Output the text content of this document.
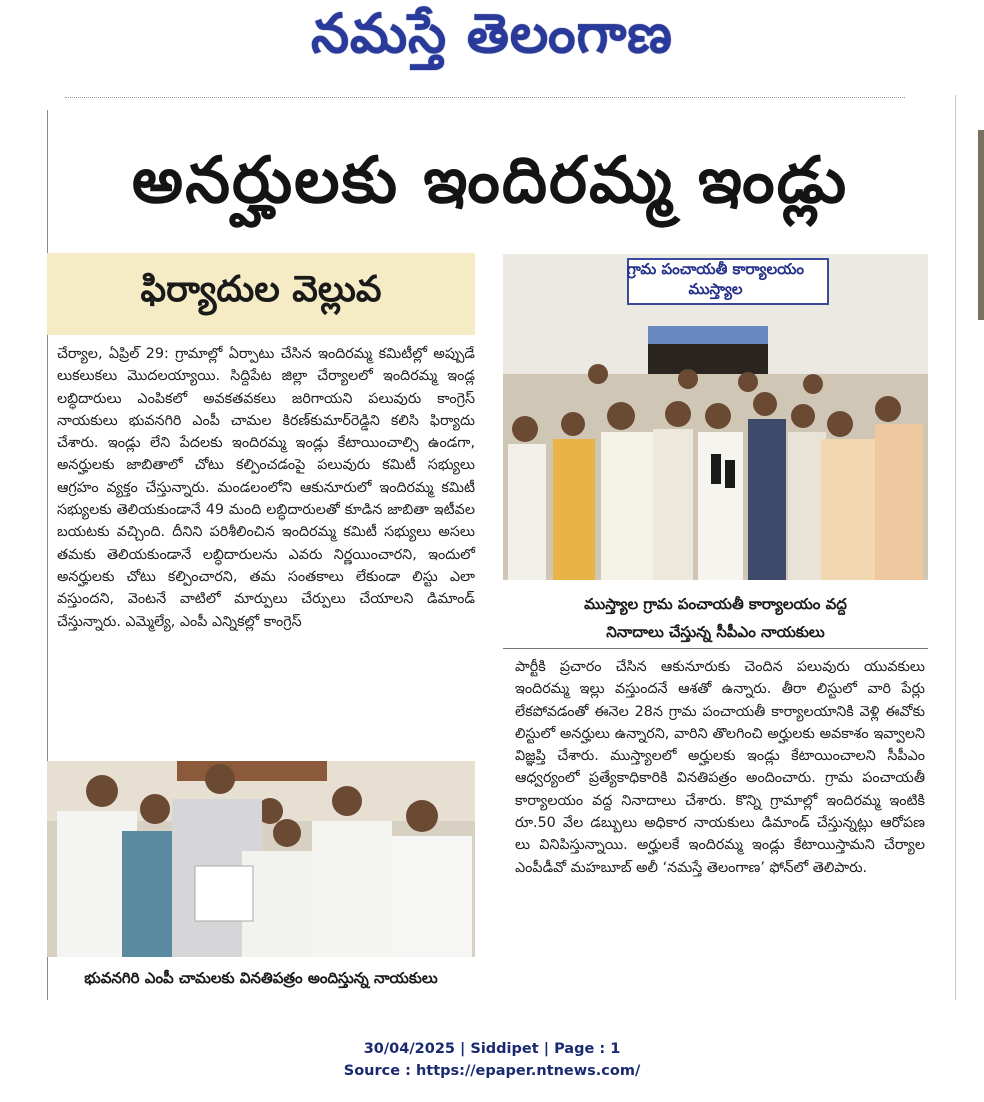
నమస్తే తెలంగాణ
అనర్హులకు ఇందిరమ్మ ఇండ్లు
ఫిర్యాదుల వెల్లువ
చేర్యాల, ఏప్రిల్ 29: గ్రామాల్లో ఏర్పాటు చేసిన ఇందిరమ్మ కమిటీల్లో అప్పుడే లుకలుకలు మొదలయ్యాయి. సిద్దిపేట జిల్లా చేర్యాలలో ఇందిరమ్మ ఇండ్ల లబ్ధిదారులు ఎంపికలో అవకతవకలు జరిగాయని పలువురు కాంగ్రెస్ నాయకులు భువనగిరి ఎంపీ చామల కిరణ్‌కుమార్‌రెడ్డిని కలిసి ఫిర్యాదు చేశారు. ఇండ్లు లేని పేదలకు ఇందిరమ్మ ఇండ్లు కేటాయించాల్సి ఉండగా, అనర్హులకు జాబితాలో చోటు కల్పించడంపై పలువురు కమిటీ సభ్యులు ఆగ్రహం వ్యక్తం చేస్తున్నారు. మండలంలోని ఆకునూరులో ఇందిరమ్మ కమిటీ సభ్యులకు తెలియకుండానే 49 మంది లబ్ధిదారులతో కూడిన జాబితా ఇటీవల బయటకు వచ్చింది. దీనిని పరిశీలించిన ఇందిరమ్మ కమిటీ సభ్యులు అసలు తమకు తెలియకుండానే లబ్ధిదారులను ఎవరు నిర్ణయించారని, ఇందులో అనర్హులకు చోటు కల్పించారని, తమ సంతకాలు లేకుండా లిస్టు ఎలా వస్తుందని, వెంటనే వాటిలో మార్పులు చేర్పులు చేయాలని డిమాండ్ చేస్తున్నారు. ఎమ్మెల్యే, ఎంపీ ఎన్నికల్లో కాంగ్రెస్
గ్రామ పంచాయతీ కార్యాలయం
ముస్త్యాల
ముస్త్యాల గ్రామ పంచాయతీ కార్యాలయం వద్ద
నినాదాలు చేస్తున్న సీపీఎం నాయకులు
పార్టీకి ప్రచారం చేసిన ఆకునూరుకు చెందిన పలువురు యువకులు ఇందిరమ్మ ఇల్లు వస్తుందనే ఆశతో ఉన్నారు. తీరా లిస్టులో వారి పేర్లు లేకపోవడంతో ఈనెల 28న గ్రామ పంచాయతీ కార్యాలయానికి వెళ్లి ఈవోకు లిస్టులో అనర్హులు ఉన్నారని, వారిని తొలగించి అర్హులకు అవకాశం ఇవ్వాలని విజ్ఞప్తి చేశారు. ముస్త్యాలలో అర్హులకు ఇండ్లు కేటాయించాలని సీపీఎం ఆధ్వర్యంలో ప్రత్యేకాధికారికి వినతిపత్రం అందించారు. గ్రామ పంచాయతీ కార్యాలయం వద్ద నినాదాలు చేశారు. కొన్ని గ్రామాల్లో ఇందిరమ్మ ఇంటికి రూ.50 వేల డబ్బులు అధికార నాయకులు డిమాండ్ చేస్తున్నట్లు ఆరోపణ లు వినిపిస్తున్నాయి. అర్హులకే ఇందిరమ్మ ఇండ్లు కేటాయిస్తామని చేర్యాల ఎంపీడీవో మహబూబ్ అలీ ‘నమస్తే తెలంగాణ’ ఫోన్‌లో తెలిపారు.
భువనగిరి ఎంపీ చామలకు వినతిపత్రం అందిస్తున్న నాయకులు
30/04/2025 | Siddipet | Page : 1
Source : https://epaper.ntnews.com/
